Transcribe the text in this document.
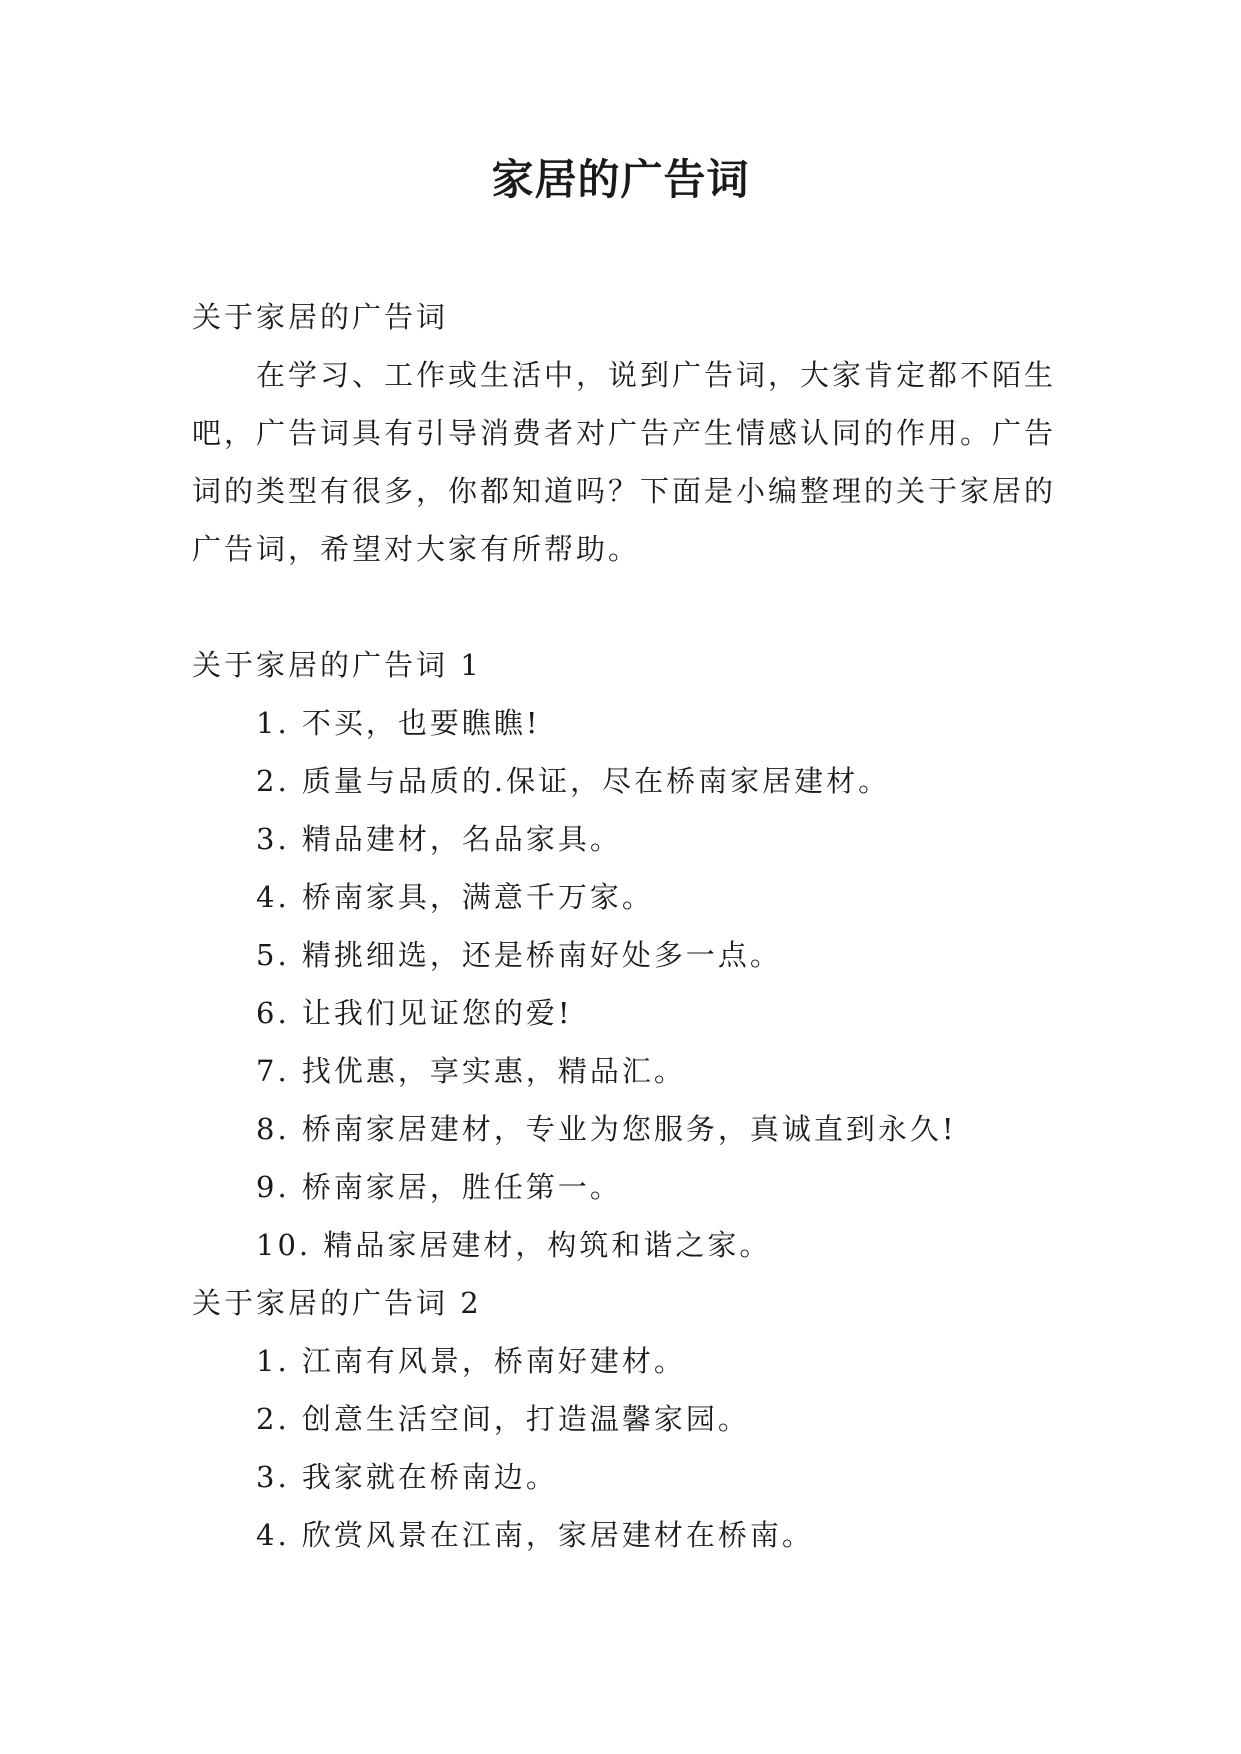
家居的广告词

关于家居的广告词

在学习、工作或生活中，说到广告词，大家肯定都不陌生吧，广告词具有引导消费者对广告产生情感认同的作用。广告词的类型有很多，你都知道吗？下面是小编整理的关于家居的广告词，希望对大家有所帮助。

关于家居的广告词 1

1. 不买，也要瞧瞧!

2. 质量与品质的.保证，尽在桥南家居建材。

3. 精品建材，名品家具。

4. 桥南家具，满意千万家。

5. 精挑细选，还是桥南好处多一点。

6. 让我们见证您的爱!

7. 找优惠，享实惠，精品汇。

8. 桥南家居建材，专业为您服务，真诚直到永久!

9. 桥南家居，胜任第一。

10. 精品家居建材，构筑和谐之家。

关于家居的广告词 2

1. 江南有风景，桥南好建材。

2. 创意生活空间，打造温馨家园。

3. 我家就在桥南边。

4. 欣赏风景在江南，家居建材在桥南。
